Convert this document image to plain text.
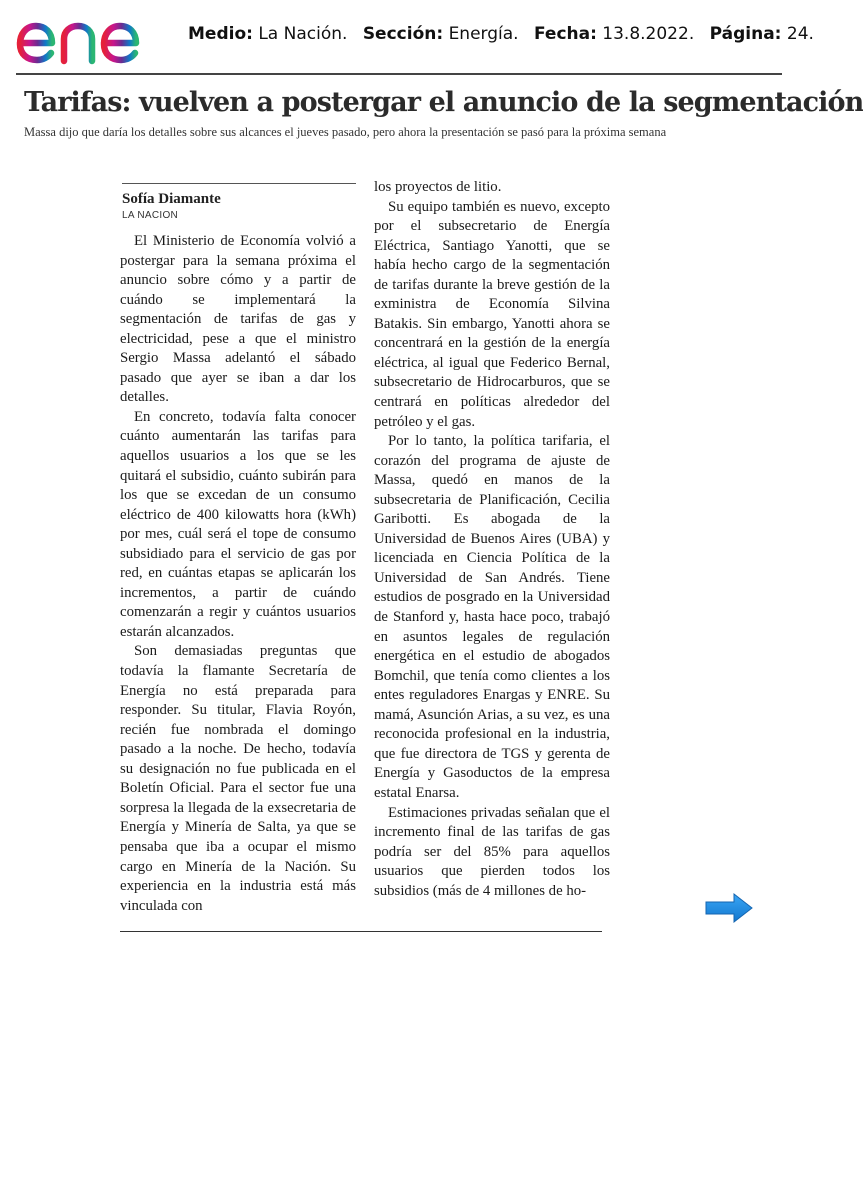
Medio: La Nación. Sección: Energía. Fecha: 13.8.2022. Página: 24.
Tarifas: vuelven a postergar el anuncio de la segmentación
Massa dijo que daría los detalles sobre sus alcances el jueves pasado, pero ahora la presentación se pasó para la próxima semana
Sofía Diamante
LA NACION

El Ministerio de Economía volvió a postergar para la semana próxima el anuncio sobre cómo y a partir de cuándo se implementará la segmentación de tarifas de gas y electricidad, pese a que el ministro Sergio Massa adelantó el sábado pasado que ayer se iban a dar los detalles.

En concreto, todavía falta conocer cuánto aumentarán las tarifas para aquellos usuarios a los que se les quitará el subsidio, cuánto subirán para los que se excedan de un consumo eléctrico de 400 kilowatts hora (kWh) por mes, cuál será el tope de consumo subsidiado para el servicio de gas por red, en cuántas etapas se aplicarán los incrementos, a partir de cuándo comenzarán a regir y cuántos usuarios estarán alcanzados.

Son demasiadas preguntas que todavía la flamante Secretaría de Energía no está preparada para responder. Su titular, Flavia Royón, recién fue nombrada el domingo pasado a la noche. De hecho, todavía su designación no fue publicada en el Boletín Oficial. Para el sector fue una sorpresa la llegada de la exsecretaria de Energía y Minería de Salta, ya que se pensaba que iba a ocupar el mismo cargo en Minería de la Nación. Su experiencia en la industria está más vinculada con

los proyectos de litio.

Su equipo también es nuevo, excepto por el subsecretario de Energía Eléctrica, Santiago Yanotti, que se había hecho cargo de la segmentación de tarifas durante la breve gestión de la exministra de Economía Silvina Batakis. Sin embargo, Yanotti ahora se concentrará en la gestión de la energía eléctrica, al igual que Federico Bernal, subsecretario de Hidrocarburos, que se centrará en políticas alrededor del petróleo y el gas.

Por lo tanto, la política tarifaria, el corazón del programa de ajuste de Massa, quedó en manos de la subsecretaria de Planificación, Cecilia Garibotti. Es abogada de la Universidad de Buenos Aires (UBA) y licenciada en Ciencia Política de la Universidad de San Andrés. Tiene estudios de posgrado en la Universidad de Stanford y, hasta hace poco, trabajó en asuntos legales de regulación energética en el estudio de abogados Bomchil, que tenía como clientes a los entes reguladores Enargas y ENRE. Su mamá, Asunción Arias, a su vez, es una reconocida profesional en la industria, que fue directora de TGS y gerenta de Energía y Gasoductos de la empresa estatal Enarsa.

Estimaciones privadas señalan que el incremento final de las tarifas de gas podría ser del 85% para aquellos usuarios que pierden todos los subsidios (más de 4 millones de ho-
